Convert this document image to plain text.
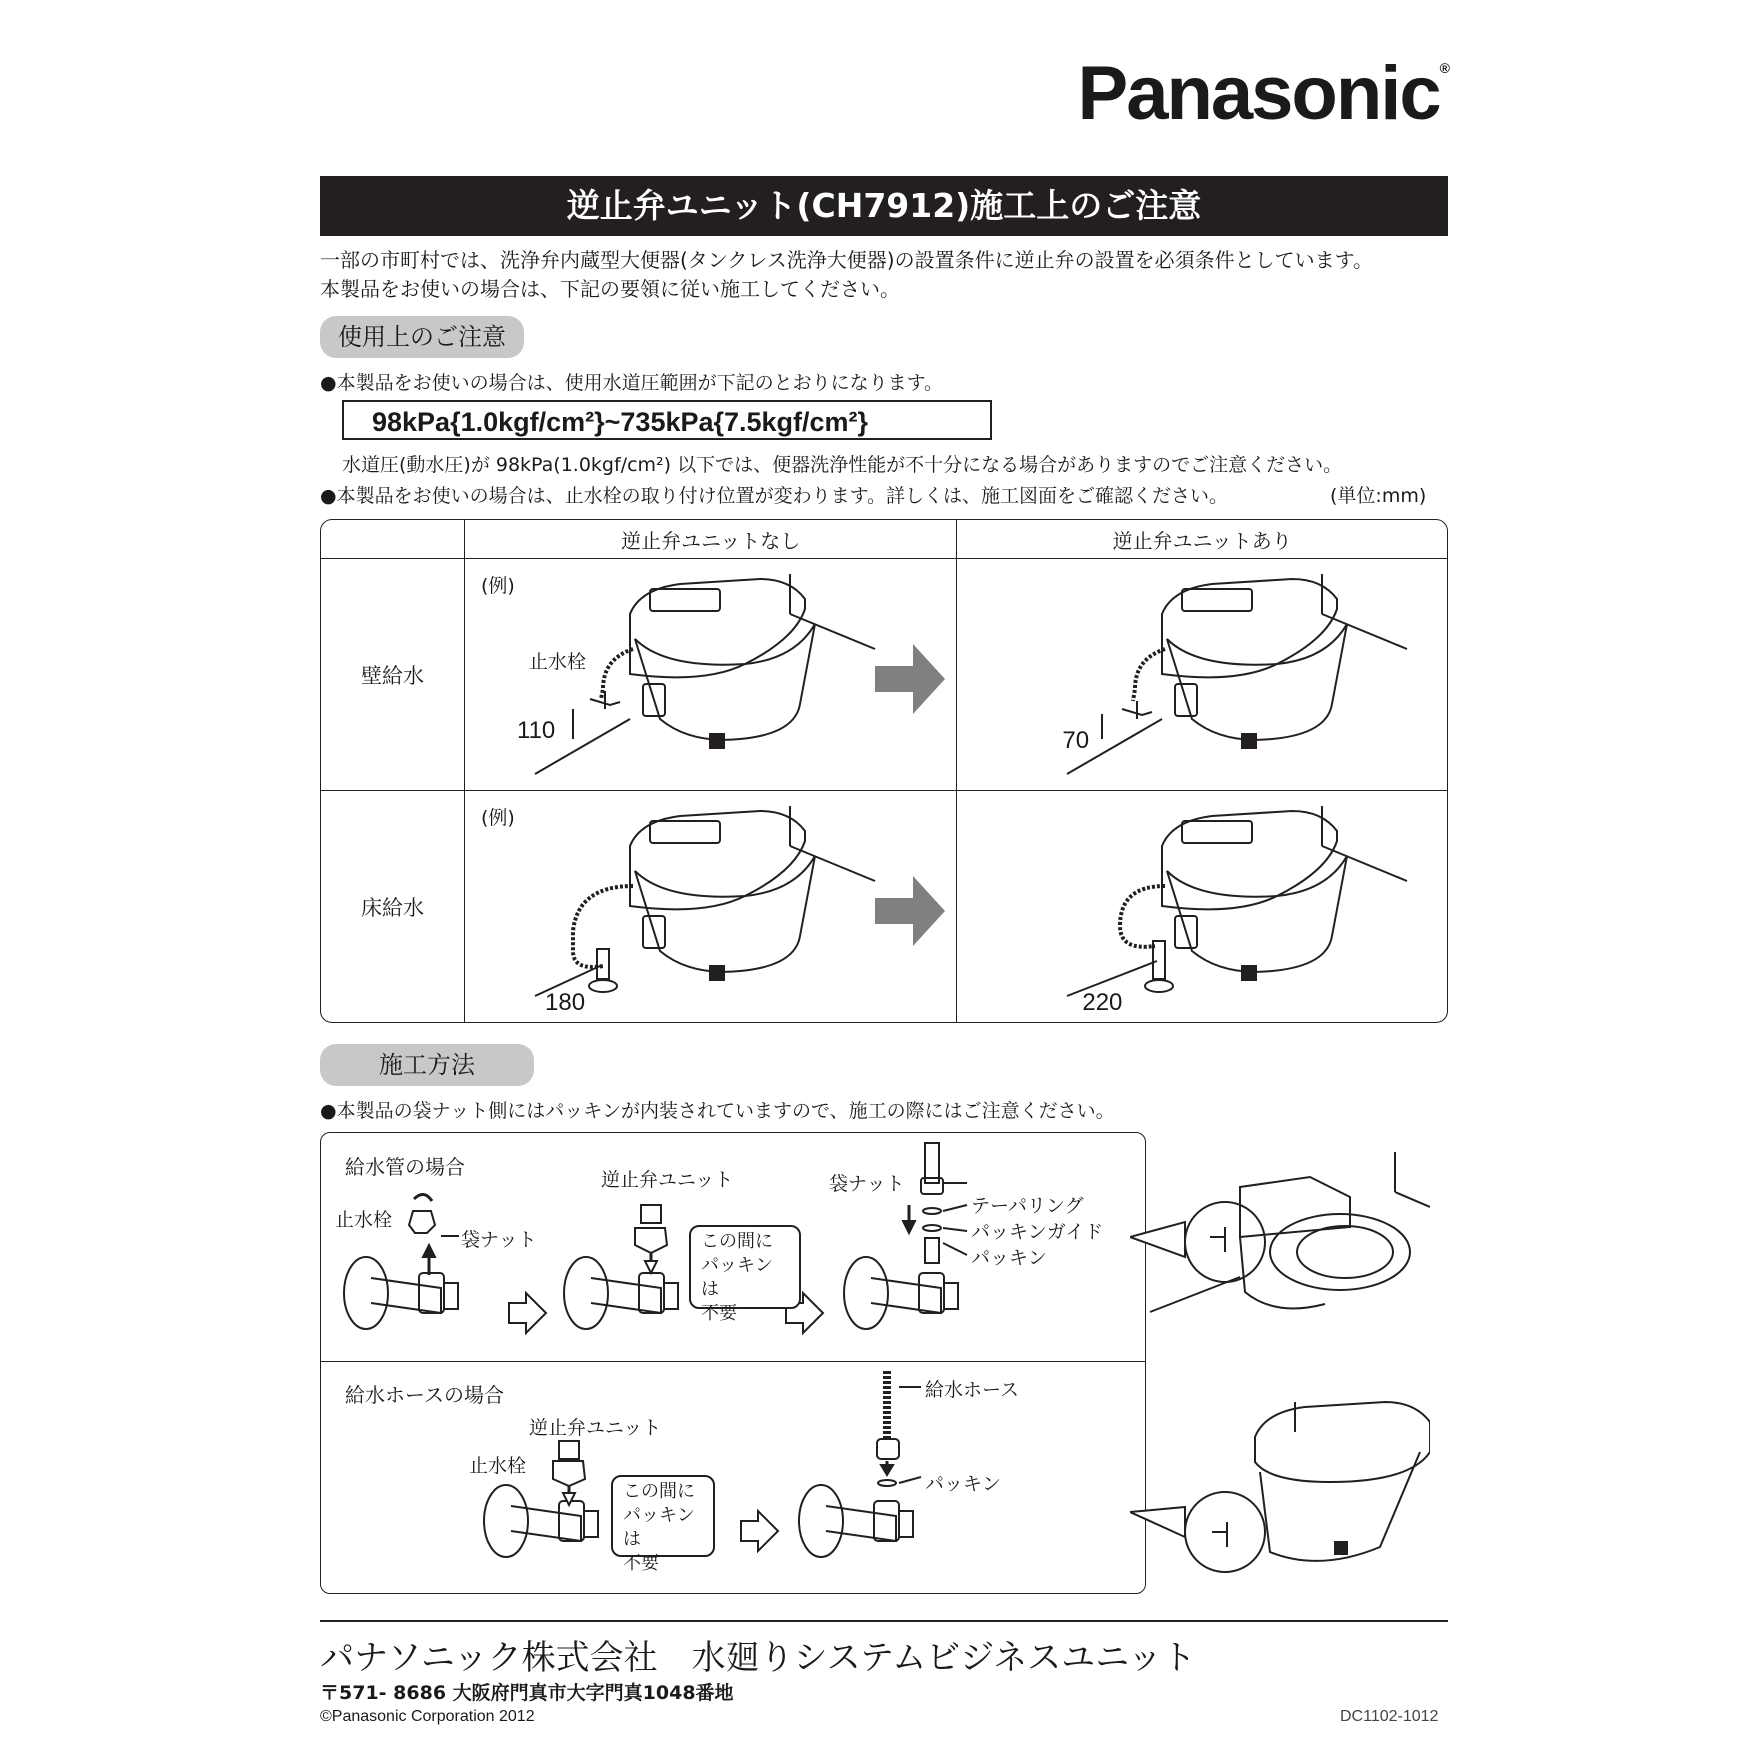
Panasonic®
逆止弁ユニット(CH7912)施工上のご注意
一部の市町村では、洗浄弁内蔵型大便器(タンクレス洗浄大便器)の設置条件に逆止弁の設置を必須条件としています。
本製品をお使いの場合は、下記の要領に従い施工してください。
使用上のご注意
●本製品をお使いの場合は、使用水道圧範囲が下記のとおりになります。
98kPa{1.0kgf/cm²}~735kPa{7.5kgf/cm²}
水道圧(動水圧)が 98kPa(1.0kgf/cm²) 以下では、便器洗浄性能が不十分になる場合がありますのでご注意ください。
●本製品をお使いの場合は、止水栓の取り付け位置が変わります。詳しくは、施工図面をご確認ください。	(単位:mm)
	逆止弁ユニットなし	逆止弁ユニットあり
壁給水	(例)
止水栓
110	70

床給水	(例)
180	220
施工方法
●本製品の袋ナット側にはパッキンが内装されていますので、施工の際にはご注意ください。
給水管の場合
止水栓
袋ナット
逆止弁ユニット
この間に
パッキンは
不要
袋ナット
テーパリング
パッキンガイド
パッキン
給水ホースの場合
逆止弁ユニット
止水栓
この間に
パッキンは
不要
給水ホース
パッキン
パナソニック株式会社　水廻りシステムビジネスユニット
〒571- 8686 大阪府門真市大字門真1048番地
©Panasonic Corporation 2012	DC1102-1012
